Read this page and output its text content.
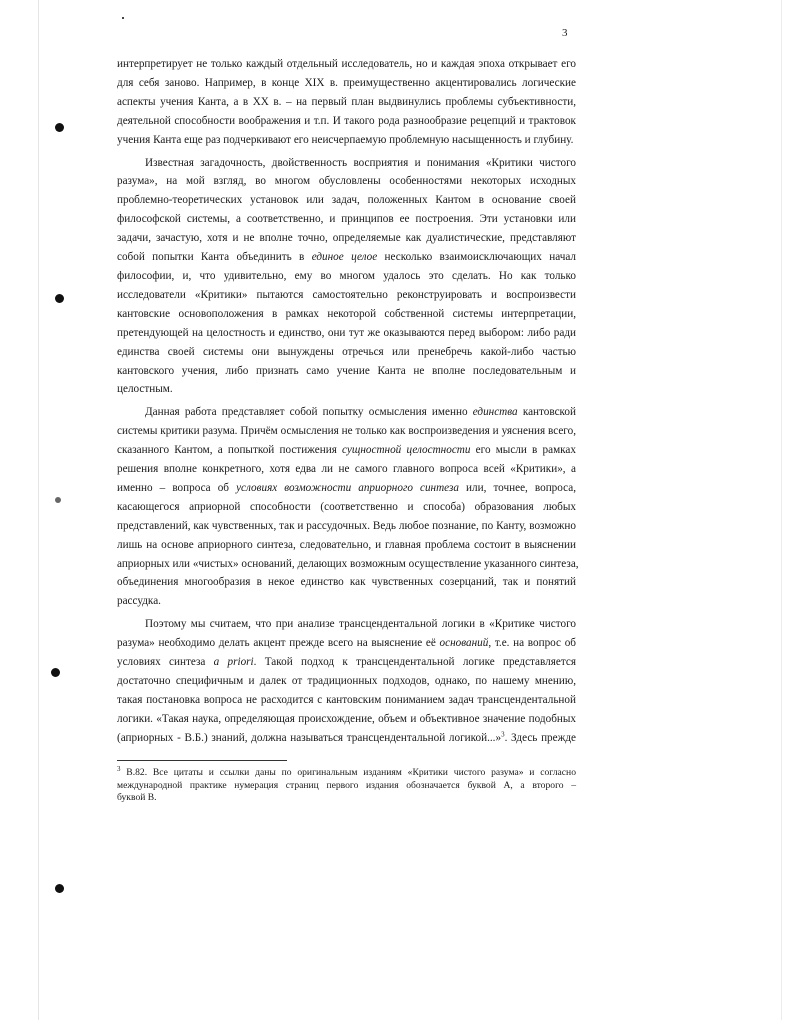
3
интерпретирует не только каждый отдельный исследователь, но и каждая эпоха открывает его
для себя заново. Например, в конце XIX в. преимущественно акцентировались логические
аспекты учения Канта, а в XX в. – на первый план выдвинулись проблемы субъективности,
деятельной способности воображения и т.п. И такого рода разнообразие рецепций и трактовок
учения Канта еще раз подчеркивают его неисчерпаемую проблемную насыщенность и глубину.
Известная загадочность, двойственность восприятия и понимания «Критики чистого
разума», на мой взгляд, во многом обусловлены особенностями некоторых исходных
проблемно-теоретических установок или задач, положенных Кантом в основание своей
философской системы, а соответственно, и принципов ее построения. Эти установки или
задачи, зачастую, хотя и не вполне точно, определяемые как дуалистические, представляют
собой попытки Канта объединить в единое целое несколько взаимоисключающих начал
философии, и, что удивительно, ему во многом удалось это сделать. Но как только
исследователи «Критики» пытаются самостоятельно реконструировать и воспроизвести
кантовские основоположения в рамках некоторой собственной системы интерпретации,
претендующей на целостность и единство, они тут же оказываются перед выбором: либо ради
единства своей системы они вынуждены отречься или пренебречь какой-либо частью
кантовского учения, либо признать само учение Канта не вполне последовательным и
целостным.
Данная работа представляет собой попытку осмысления именно единства кантовской
системы критики разума. Причём осмысления не только как воспроизведения и уяснения всего,
сказанного Кантом, а попыткой постижения сущностной целостности его мысли в рамках
решения вполне конкретного, хотя едва ли не самого главного вопроса всей «Критики», а
именно – вопроса об условиях возможности априорного синтеза или, точнее, вопроса,
касающегося априорной способности (соответственно и способа) образования любых
представлений, как чувственных, так и рассудочных. Ведь любое познание, по Канту, возможно
лишь на основе априорного синтеза, следовательно, и главная проблема состоит в выяснении
априорных или «чистых» оснований, делающих возможным осуществление указанного синтеза,
объединения многообразия в некое единство как чувственных созерцаний, так и понятий
рассудка.
Поэтому мы считаем, что при анализе трансцендентальной логики в «Критике чистого
разума» необходимо делать акцент прежде всего на выяснение её оснований, т.е. на вопрос об
условиях синтеза a priori. Такой подход к трансцендентальной логике представляется
достаточно специфичным и далек от традиционных подходов, однако, по нашему мнению,
такая постановка вопроса не расходится с кантовским пониманием задач трансцендентальной
логики. «Такая наука, определяющая происхождение, объем и объективное значение подобных
(априорных - В.Б.) знаний, должна называться трансцендентальной логикой...»$^3$. Здесь прежде
$^3$ B.82. Все цитаты и ссылки даны по оригинальным изданиям «Критики чистого разума» и согласно
международной практике нумерация страниц первого издания обозначается буквой А, а второго –
буквой В.
